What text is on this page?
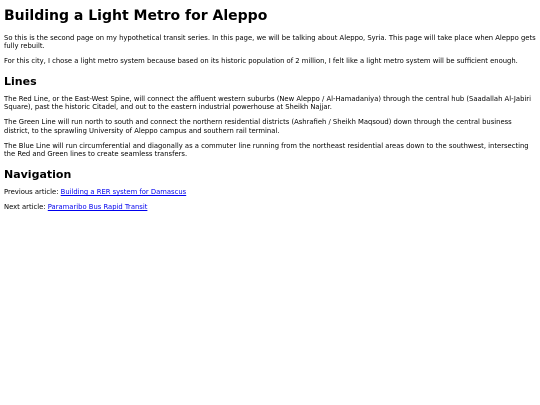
Building a Light Metro for Aleppo

So this is the second page on my hypothetical transit series. In this page, we will be talking about Aleppo, Syria. This page will take place when Aleppo gets fully rebuilt.

For this city, I chose a light metro system because based on its historic population of 2 million, I felt like a light metro system will be sufficient enough.

Lines

The Red Line, or the East-West Spine, will connect the affluent western suburbs (New Aleppo / Al-Hamadaniya) through the central hub (Saadallah Al-Jabiri Square), past the historic Citadel, and out to the eastern industrial powerhouse at Sheikh Najjar.

The Green Line will run north to south and connect the northern residential districts (Ashrafieh / Sheikh Maqsoud) down through the central business district, to the sprawling University of Aleppo campus and southern rail terminal.

The Blue Line will run circumferential and diagonally as a commuter line running from the northeast residential areas down to the southwest, intersecting the Red and Green lines to create seamless transfers.

Navigation

Previous article: Building a RER system for Damascus

Next article: Paramaribo Bus Rapid Transit
